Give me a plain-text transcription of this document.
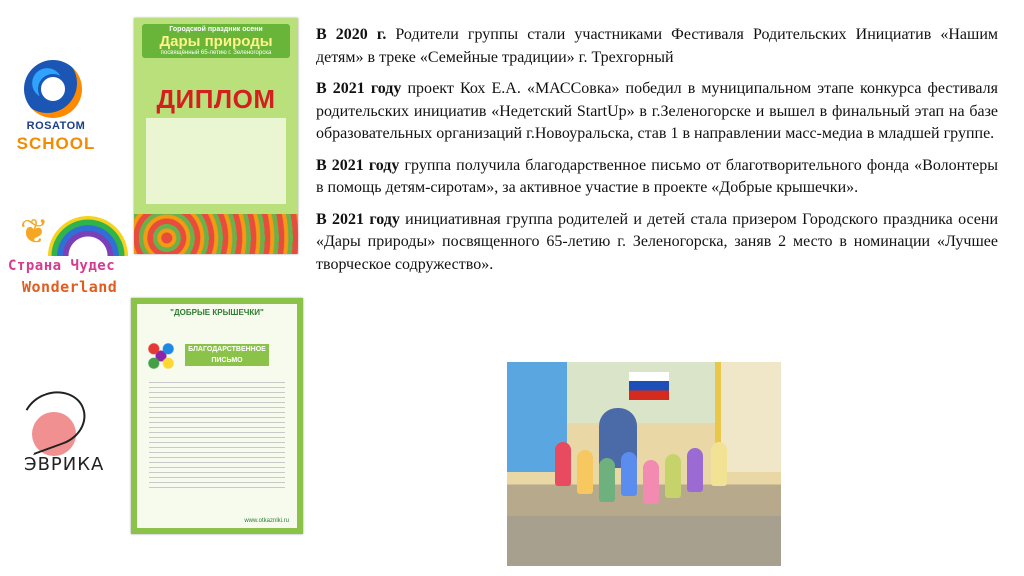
ROSATOM
SCHOOL
❦
Страна Чудес
Wonderland
ЭВРИКА
Городской праздник осени
Дары природы
посвящённый 65-летию г. Зеленогорска
ДИПЛОМ
"ДОБРЫЕ КРЫШЕЧКИ"
БЛАГОДАРСТВЕННОЕ ПИСЬМО
www.otkaznlki.ru

В 2020 г. Родители группы стали участниками Фестиваля Родительских Инициатив «Нашим детям» в треке «Семейные традиции» г. Трехгорный

В 2021 году проект Кох Е.А. «МАССовка» победил в муниципальном этапе конкурса фестиваля родительских инициатив «Недетский StartUp» в г.Зеленогорске и вышел в финальный этап на базе образовательных организаций г.Новоуральска, став 1 в направлении масс-медиа в младшей группе.

В 2021 году группа получила благодарственное письмо от благотворительного фонда «Волонтеры в помощь детям-сиротам», за активное участие в проекте «Добрые крышечки».

В 2021 году инициативная группа родителей и детей стала призером Городского праздника осени «Дары природы» посвященного 65-летию г. Зеленогорска, заняв 2 место в номинации «Лучшее творческое содружество».
